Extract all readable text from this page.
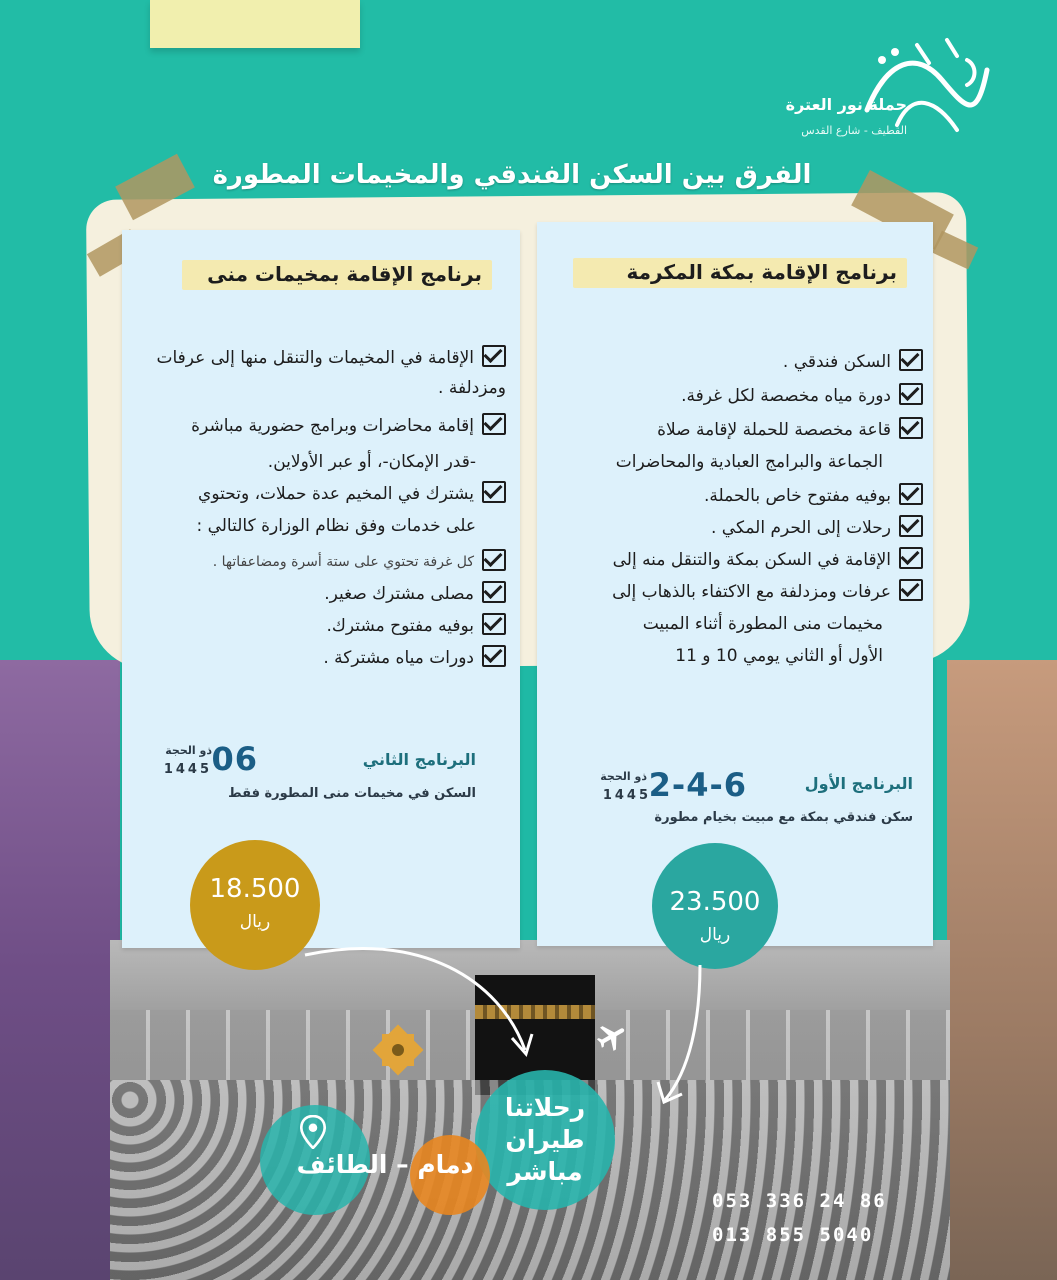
حملة نور العترة
القطيف - شارع القدس
الفرق بين السكن الفندقي والمخيمات المطورة
برنامج الإقامة بمخيمات منى
الإقامة في المخيمات والتنقل منها إلى عرفات
ومزدلفة .
إقامة محاضرات وبرامج حضورية مباشرة
-قدر الإمكان-، أو عبر الأولاين.
يشترك في المخيم عدة حملات، وتحتوي
على خدمات وفق نظام الوزارة كالتالي :
كل غرفة تحتوي على ستة أسرة ومضاعفاتها .
مصلى مشترك صغير.
بوفيه مفتوح مشترك.
دورات مياه مشتركة .
البرنامج الثاني
06
ذو الحجة
1445
السكن في مخيمات منى المطورة فقط
برنامج الإقامة بمكة المكرمة
السكن فندقي .
دورة مياه مخصصة لكل غرفة.
قاعة مخصصة للحملة لإقامة صلاة
الجماعة والبرامج العبادية والمحاضرات
بوفيه مفتوح خاص بالحملة.
رحلات إلى الحرم المكي .
الإقامة في السكن بمكة والتنقل منه إلى
عرفات ومزدلفة مع الاكتفاء بالذهاب إلى
مخيمات منى المطورة أثناء المبيت
الأول أو الثاني يومي 10 و 11
البرنامج الأول
2-4-6
ذو الحجة
1445
سكن فندقي بمكة مع مبيت بخيام مطورة
18.500
ريال
23.500
ريال
رحلاتنا
طيران
مباشر
دمام – الطائف
053 336 24 86
013 855 5040
